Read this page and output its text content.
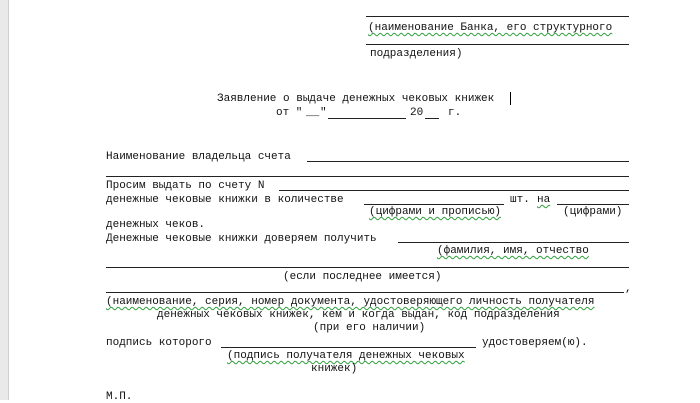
(наименование Банка, его структурного
подразделения)
Заявление о выдаче денежных чековых книжек
от " __ "	20 г.
Наименование владельца счета
Просим выдать по счету N
денежные чековые книжки в количестве	шт. на
(цифрами и прописью)	(цифрами)
денежных чеков.
Денежные чековые книжки доверяем получить
(фамилия, имя, отчество
(если последнее имеется)
,
(наименование, серия, номер документа, удостоверяющего личность получателя
денежных чековых книжек, кем и когда выдан, код подразделения
(при его наличии)
подпись которого	удостоверяем(ю).
(подпись получателя денежных чековых
книжек)
М.П.
